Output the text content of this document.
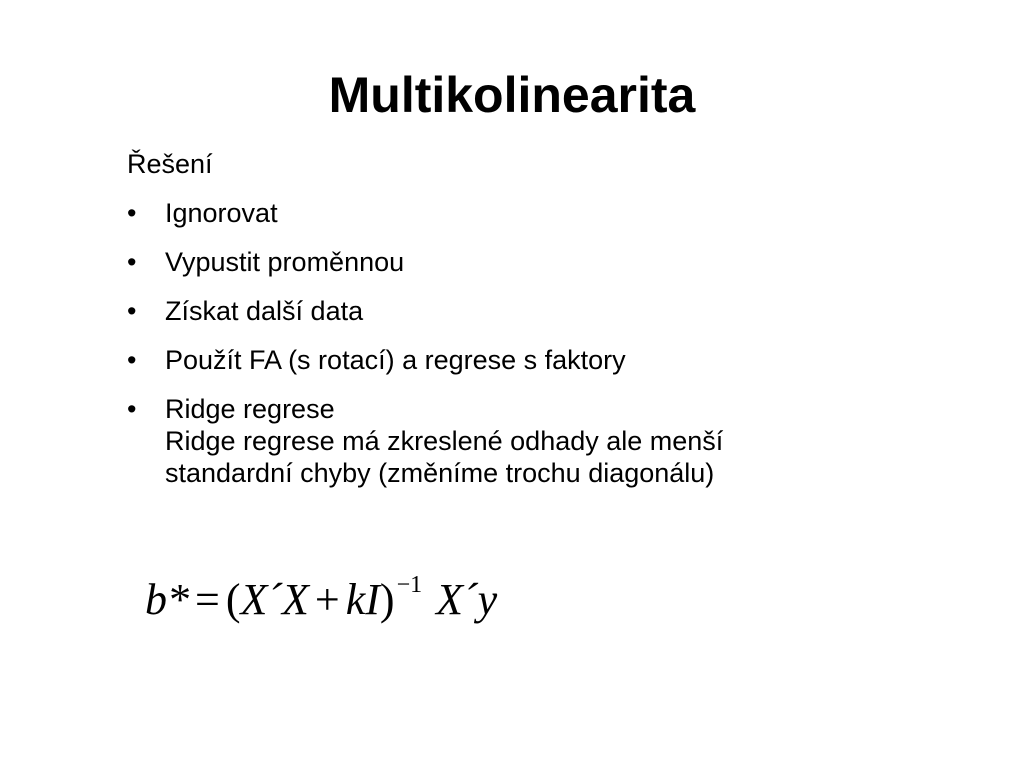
Multikolinearita

Řešení

• Ignorovat
• Vypustit proměnnou
• Získat další data
• Použít FA (s rotací) a regrese s faktory
• Ridge regrese
Ridge regrese má zkreslené odhady ale menší
standardní chyby (změníme trochu diagonálu)
b* = (X´X + kI)$^{-1}$ X´y
